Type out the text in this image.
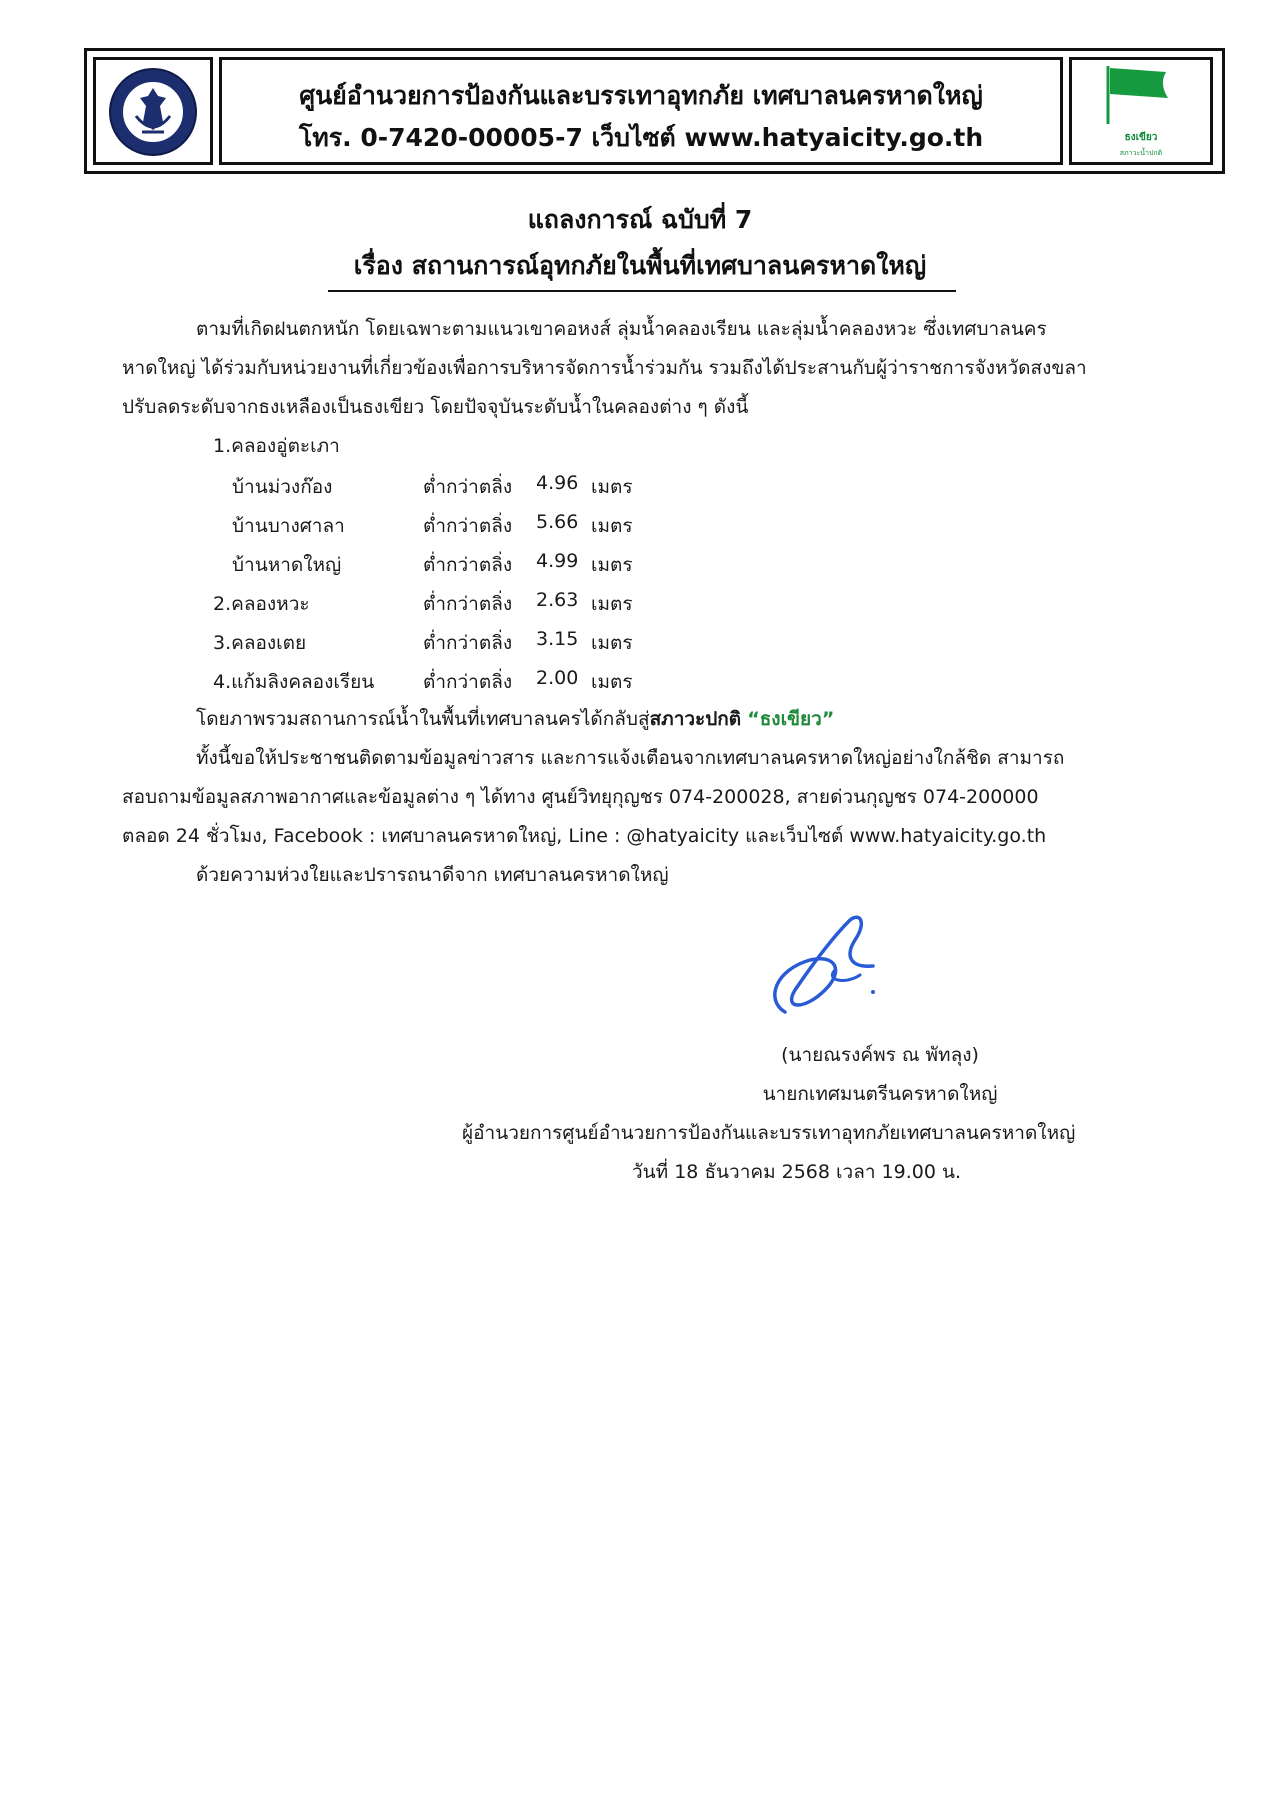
ศูนย์อำนวยการป้องกันและบรรเทาอุทกภัย เทศบาลนครหาดใหญ่
โทร. 0-7420-00005-7 เว็บไซต์ www.hatyaicity.go.th	ธงเขียว
สภาวะน้ำปกติ
แถลงการณ์ ฉบับที่ 7
เรื่อง สถานการณ์อุทกภัยในพื้นที่เทศบาลนครหาดใหญ่
ตามที่เกิดฝนตกหนัก โดยเฉพาะตามแนวเขาคอหงส์ ลุ่มน้ำคลองเรียน และลุ่มน้ำคลองหวะ ซึ่งเทศบาลนคร
หาดใหญ่ ได้ร่วมกับหน่วยงานที่เกี่ยวข้องเพื่อการบริหารจัดการน้ำร่วมกัน รวมถึงได้ประสานกับผู้ว่าราชการจังหวัดสงขลา
ปรับลดระดับจากธงเหลืองเป็นธงเขียว โดยปัจจุบันระดับน้ำในคลองต่าง ๆ ดังนี้
1.คลองอู่ตะเภา
บ้านม่วงก๊อง	ต่ำกว่าตลิ่ง 4.96 เมตร
บ้านบางศาลา	ต่ำกว่าตลิ่ง 5.66 เมตร
บ้านหาดใหญ่	ต่ำกว่าตลิ่ง 4.99 เมตร
2.คลองหวะ	ต่ำกว่าตลิ่ง 2.63 เมตร
3.คลองเตย	ต่ำกว่าตลิ่ง 3.15 เมตร
4.แก้มลิงคลองเรียน	ต่ำกว่าตลิ่ง 2.00 เมตร
โดยภาพรวมสถานการณ์น้ำในพื้นที่เทศบาลนครได้กลับสู่สภาวะปกติ “ธงเขียว”
ทั้งนี้ขอให้ประชาชนติดตามข้อมูลข่าวสาร และการแจ้งเตือนจากเทศบาลนครหาดใหญ่อย่างใกล้ชิด สามารถ
สอบถามข้อมูลสภาพอากาศและข้อมูลต่าง ๆ ได้ทาง ศูนย์วิทยุกุญชร 074-200028, สายด่วนกุญชร 074-200000
ตลอด 24 ชั่วโมง, Facebook : เทศบาลนครหาดใหญ่, Line : @hatyaicity และเว็บไซต์ www.hatyaicity.go.th
ด้วยความห่วงใยและปรารถนาดีจาก เทศบาลนครหาดใหญ่
(นายณรงค์พร ณ พัทลุง)
นายกเทศมนตรีนครหาดใหญ่
ผู้อำนวยการศูนย์อำนวยการป้องกันและบรรเทาอุทกภัยเทศบาลนครหาดใหญ่
วันที่ 18 ธันวาคม 2568 เวลา 19.00 น.
